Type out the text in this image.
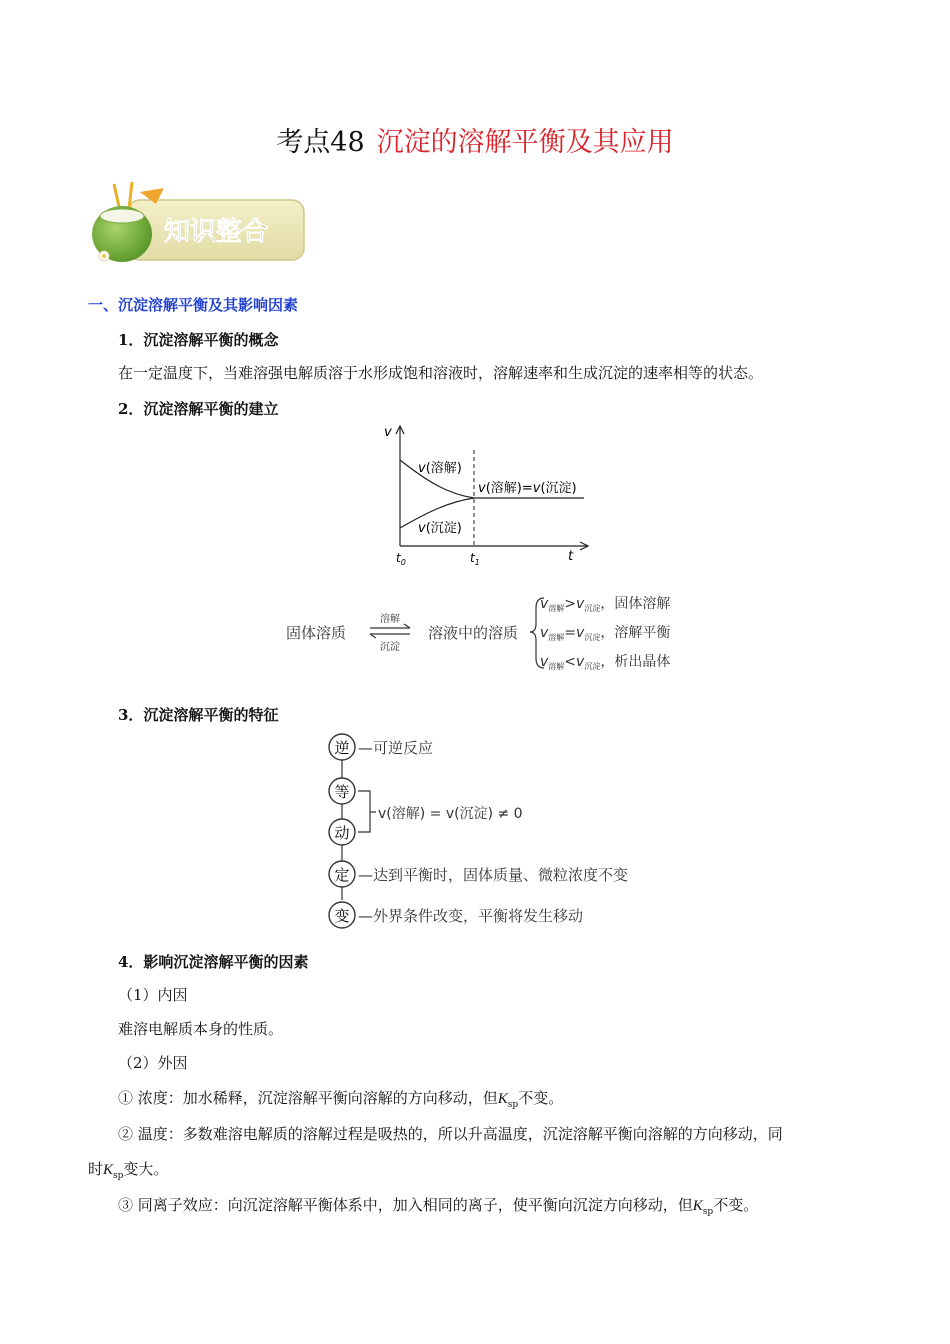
考点48 沉淀的溶解平衡及其应用
知识整合
一、沉淀溶解平衡及其影响因素
1．沉淀溶解平衡的概念
在一定温度下，当难溶强电解质溶于水形成饱和溶液时，溶解速率和生成沉淀的速率相等的状态。
2．沉淀溶解平衡的建立
v
t
v(溶解)
v(沉淀)
v(溶解)=v(沉淀)
$t_0$	$t_1$
固体溶质
溶解
沉淀
溶液中的溶质
$v_{溶解}>v_{沉淀}$，固体溶解
$v_{溶解}=v_{沉淀}$，溶解平衡
$v_{溶解}<v_{沉淀}$，析出晶体
3．沉淀溶解平衡的特征
逆 —可逆反应
等
动
v(溶解) = v(沉淀) ≠ 0
定 —达到平衡时，固体质量、微粒浓度不变
变 —外界条件改变，平衡将发生移动
4．影响沉淀溶解平衡的因素
（1）内因
难溶电解质本身的性质。
（2）外因
① 浓度：加水稀释，沉淀溶解平衡向溶解的方向移动，但$K_{sp}$不变。
② 温度：多数难溶电解质的溶解过程是吸热的，所以升高温度，沉淀溶解平衡向溶解的方向移动，同
时$K_{sp}$变大。
③ 同离子效应：向沉淀溶解平衡体系中，加入相同的离子，使平衡向沉淀方向移动，但$K_{sp}$不变。
